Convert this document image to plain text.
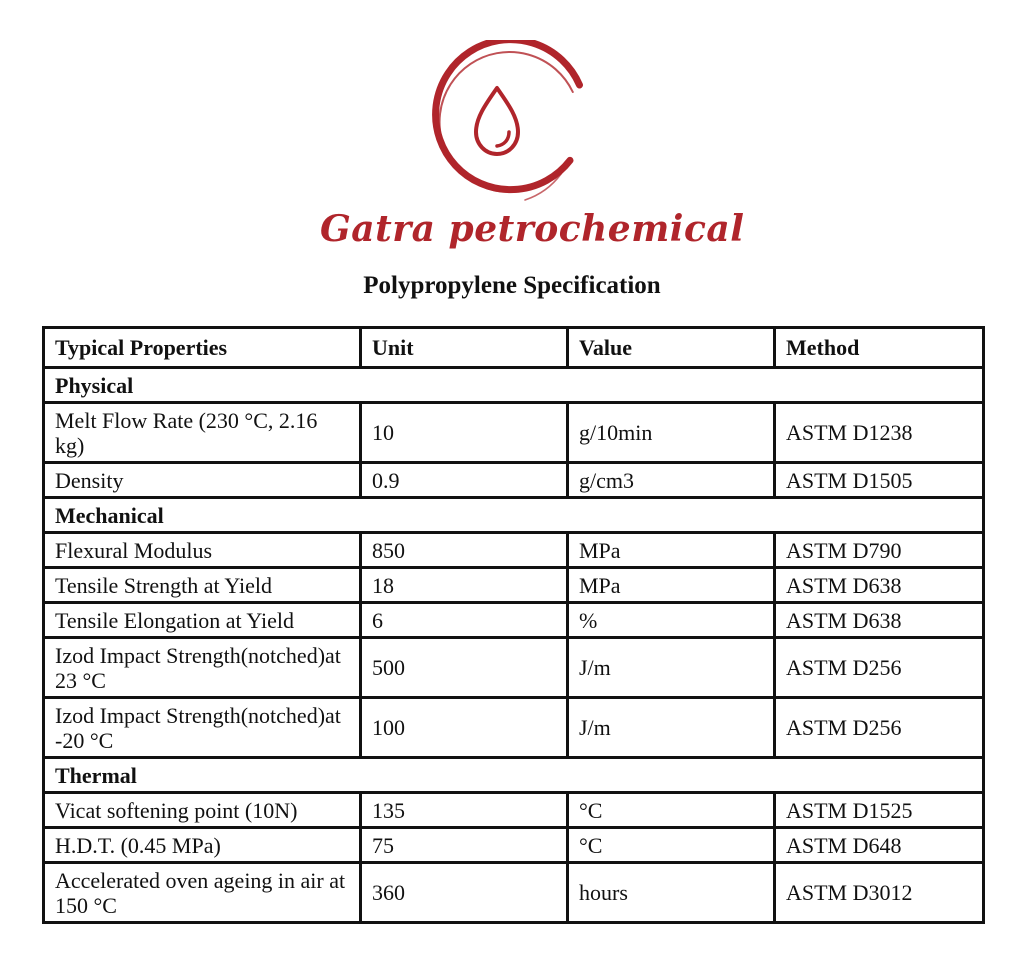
Gatra petrochemical
Polypropylene Specification
Typical Properties	Unit	Value	Method
Physical			
Melt Flow Rate (230 °C, 2.16 kg)	10	g/10min	ASTM D1238
Density	0.9	g/cm3	ASTM D1505
Mechanical			
Flexural Modulus	850	MPa	ASTM D790
Tensile Strength at Yield	18	MPa	ASTM D638
Tensile Elongation at Yield	6	%	ASTM D638
Izod Impact Strength(notched)at 23 °C	500	J/m	ASTM D256
Izod Impact Strength(notched)at -20 °C	100	J/m	ASTM D256
Thermal			
Vicat softening point (10N)	135	°C	ASTM D1525
H.D.T. (0.45 MPa)	75	°C	ASTM D648
Accelerated oven ageing in air at 150 °C	360	hours	ASTM D3012
